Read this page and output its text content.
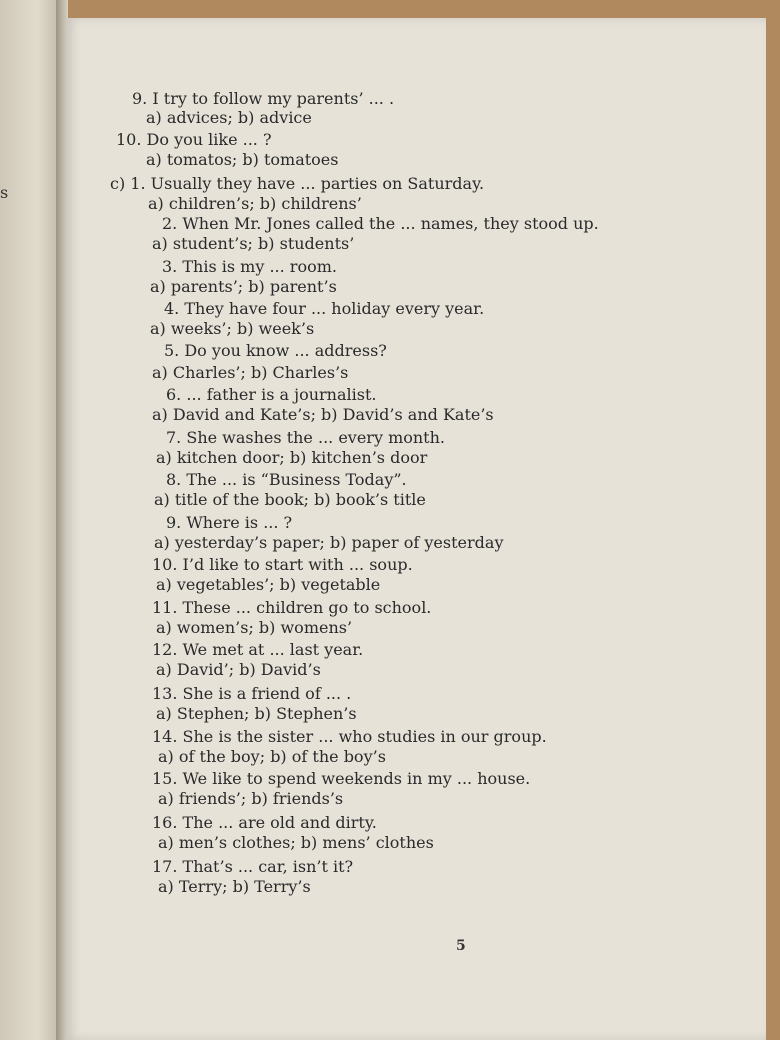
s
9. I try to follow my parents’ ... .
a) advices; b) advice
10. Do you like ... ?
a) tomatos; b) tomatoes
c) 1. Usually they have ... parties on Saturday.
a) children’s; b) childrens’
2. When Mr. Jones called the ... names, they stood up.
a) student’s; b) students’
3. This is my ... room.
a) parents’; b) parent’s
4. They have four ... holiday every year.
a) weeks’; b) week’s
5. Do you know ... address?
a) Charles’; b) Charles’s
6. ... father is a journalist.
a) David and Kate’s; b) David’s and Kate’s
7. She washes the ... every month.
a) kitchen door; b) kitchen’s door
8. The ... is “Business Today”.
a) title of the book; b) book’s title
9. Where is ... ?
a) yesterday’s paper; b) paper of yesterday
10. I’d like to start with ... soup.
a) vegetables’; b) vegetable
11. These ... children go to school.
a) women’s; b) womens’
12. We met at ... last year.
a) David’; b) David’s
13. She is a friend of ... .
a) Stephen; b) Stephen’s
14. She is the sister ... who studies in our group.
a) of the boy; b) of the boy’s
15. We like to spend weekends in my ... house.
a) friends’; b) friends’s
16. The ... are old and dirty.
a) men’s clothes; b) mens’ clothes
17. That’s ... car, isn’t it?
a) Terry; b) Terry’s
5
